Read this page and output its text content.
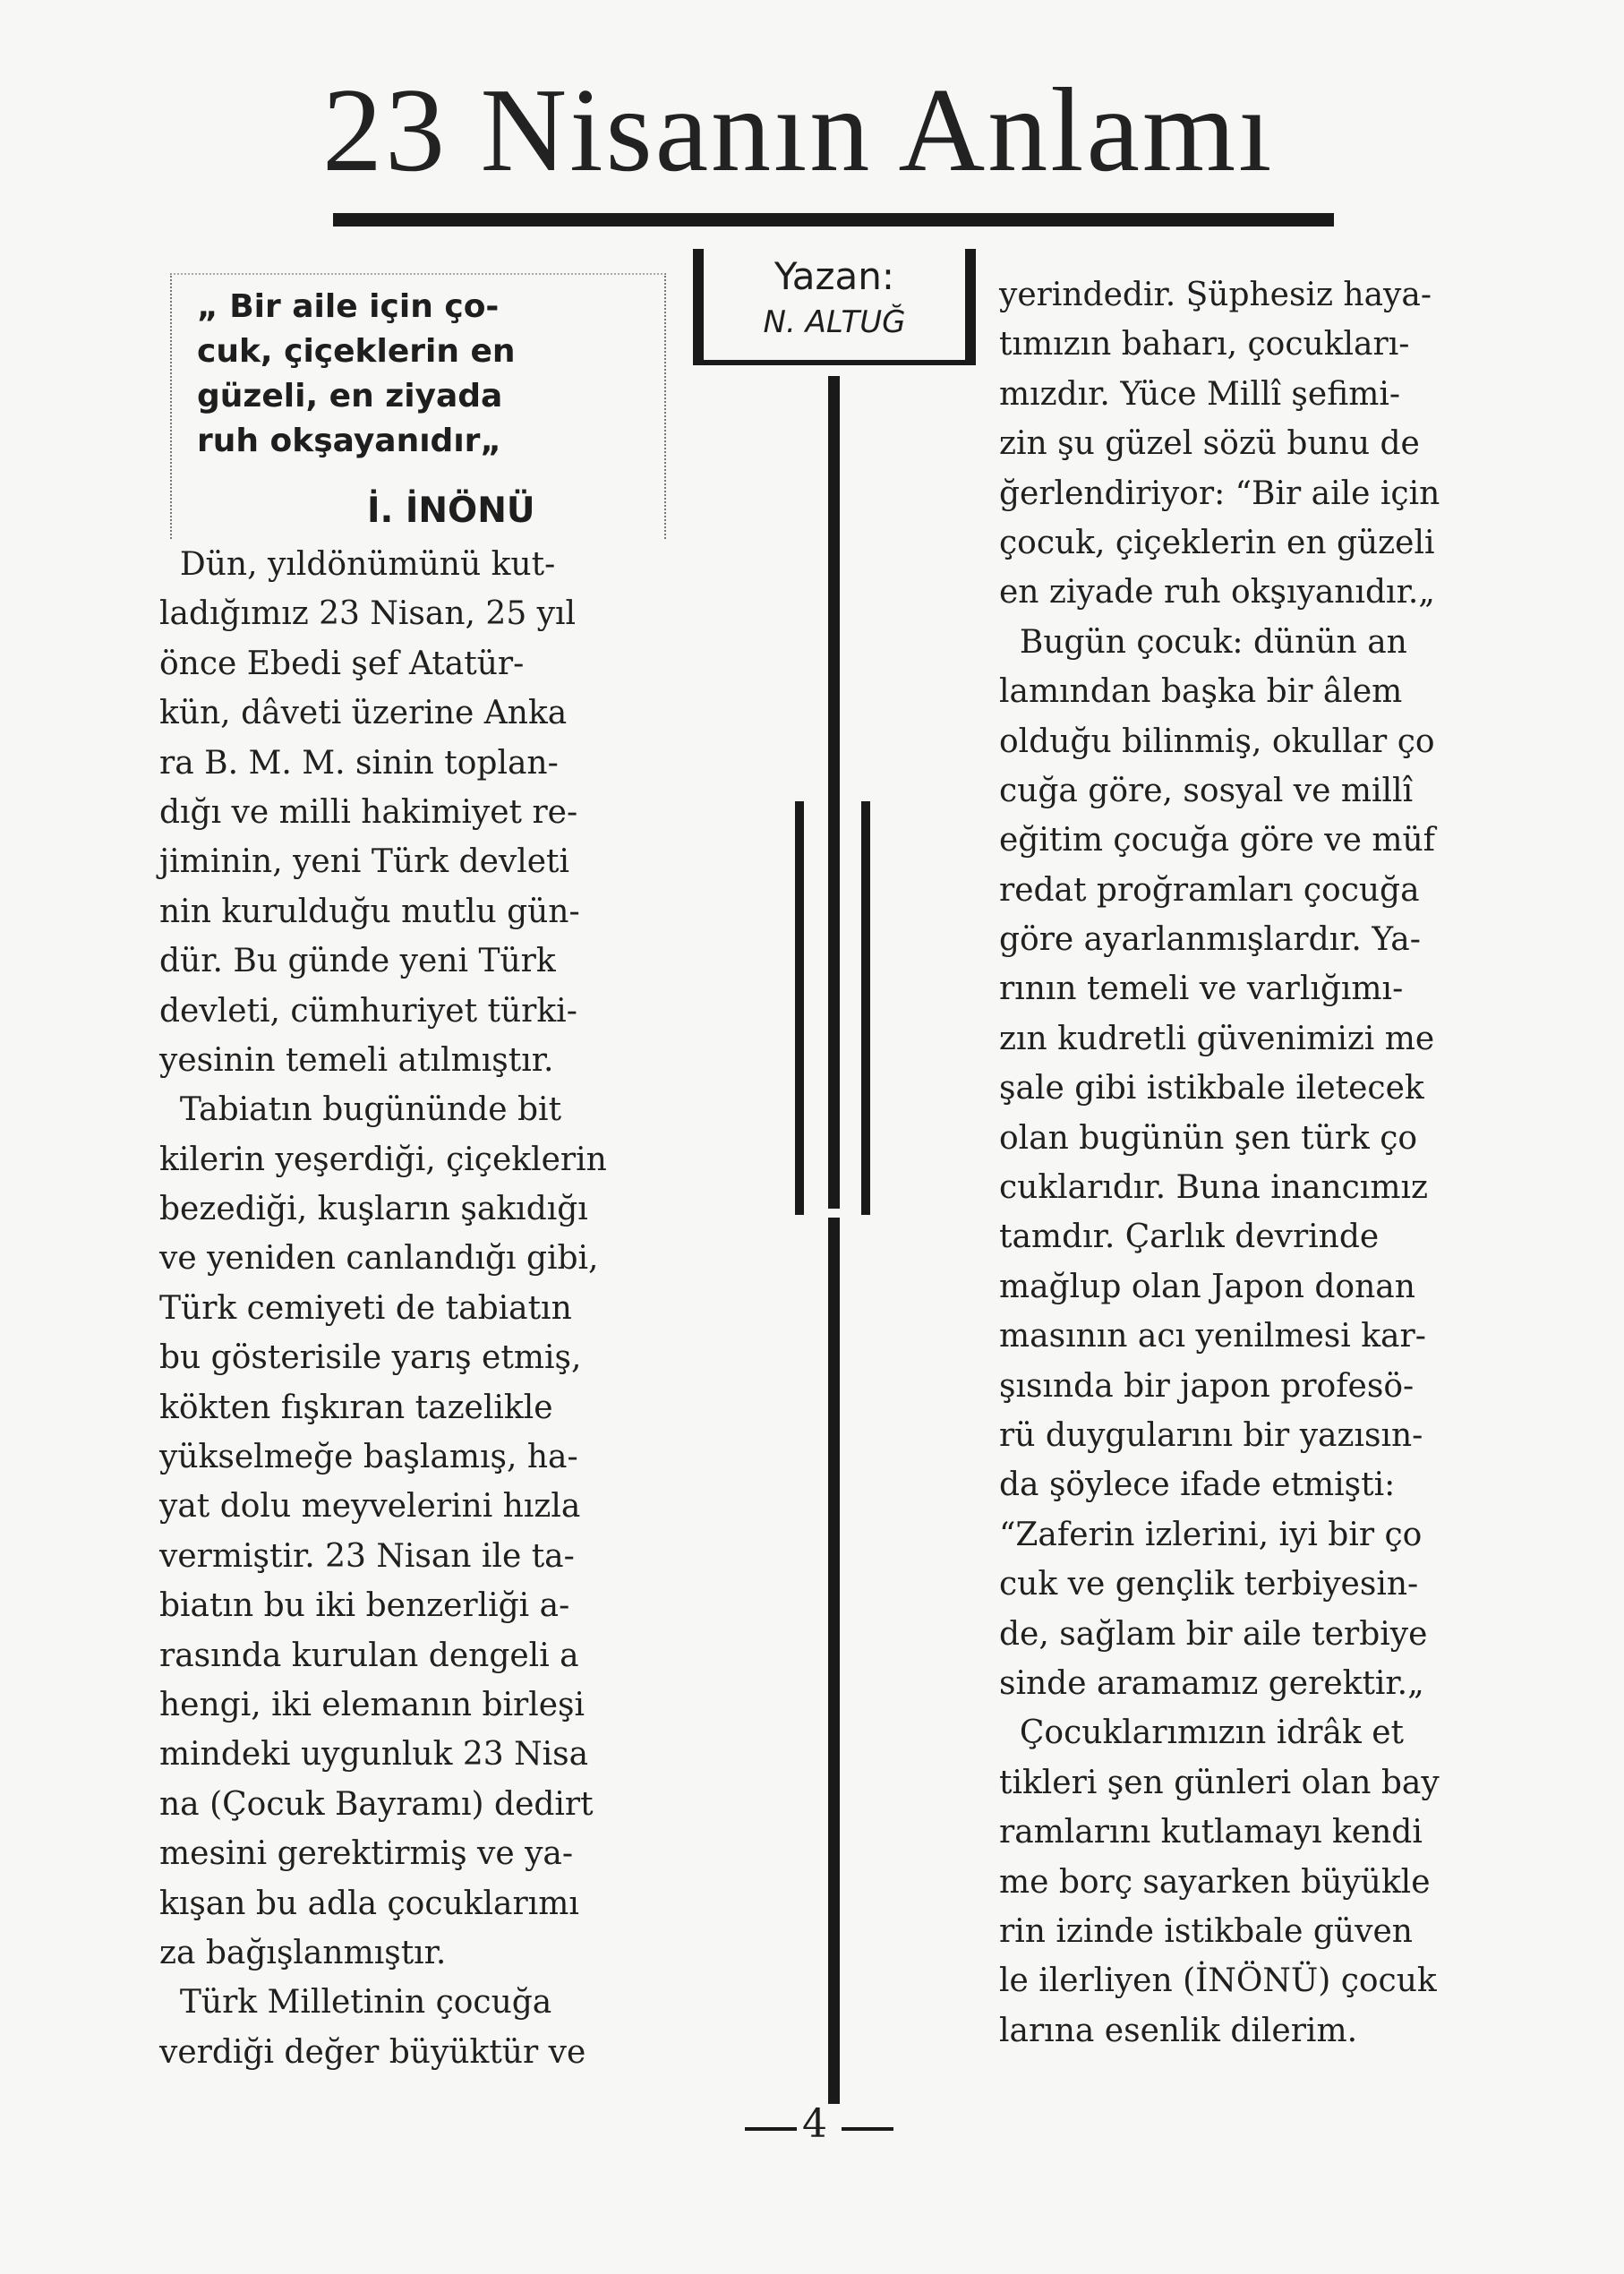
23 Nisanın Anlamı
„ Bir aile için ço-
cuk, çiçeklerin en
güzeli, en ziyada
ruh okşayanıdır„
İ. İNÖNÜ
Yazan:
N. ALTUĞ
Dün, yıldönümünü kut-
ladığımız 23 Nisan, 25 yıl
önce Ebedi şef Atatür-
kün, dâveti üzerine Anka
ra B. M. M. sinin toplan-
dığı ve milli hakimiyet re-
jiminin, yeni Türk devleti
nin kurulduğu mutlu gün-
dür. Bu günde yeni Türk
devleti, cümhuriyet türki-
yesinin temeli atılmıştır.
Tabiatın bugününde bit
kilerin yeşerdiği, çiçeklerin
bezediği, kuşların şakıdığı
ve yeniden canlandığı gibi,
Türk cemiyeti de tabiatın
bu gösterisile yarış etmiş,
kökten fışkıran tazelikle
yükselmeğe başlamış, ha-
yat dolu meyvelerini hızla
vermiştir. 23 Nisan ile ta-
biatın bu iki benzerliği a-
rasında kurulan dengeli a
hengi, iki elemanın birleşi
mindeki uygunluk 23 Nisa
na (Çocuk Bayramı) dedirt
mesini gerektirmiş ve ya-
kışan bu adla çocuklarımı
za bağışlanmıştır.
Türk Milletinin çocuğa
verdiği değer büyüktür ve
yerindedir. Şüphesiz haya-
tımızın baharı, çocukları-
mızdır. Yüce Millî şefimi-
zin şu güzel sözü bunu de
ğerlendiriyor: “Bir aile için
çocuk, çiçeklerin en güzeli
en ziyade ruh okşıyanıdır.„
Bugün çocuk: dünün an
lamından başka bir âlem
olduğu bilinmiş, okullar ço
cuğa göre, sosyal ve millî
eğitim çocuğa göre ve müf
redat proğramları çocuğa
göre ayarlanmışlardır. Ya-
rının temeli ve varlığımı-
zın kudretli güvenimizi me
şale gibi istikbale iletecek
olan bugünün şen türk ço
cuklarıdır. Buna inancımız
tamdır. Çarlık devrinde
mağlup olan Japon donan
masının acı yenilmesi kar-
şısında bir japon profesö-
rü duygularını bir yazısın-
da şöylece ifade etmişti:
“Zaferin izlerini, iyi bir ço
cuk ve gençlik terbiyesin-
de, sağlam bir aile terbiye
sinde aramamız gerektir.„
Çocuklarımızın idrâk et
tikleri şen günleri olan bay
ramlarını kutlamayı kendi
me borç sayarken büyükle
rin izinde istikbale güven
le ilerliyen (İNÖNÜ) çocuk
larına esenlik dilerim.
4
